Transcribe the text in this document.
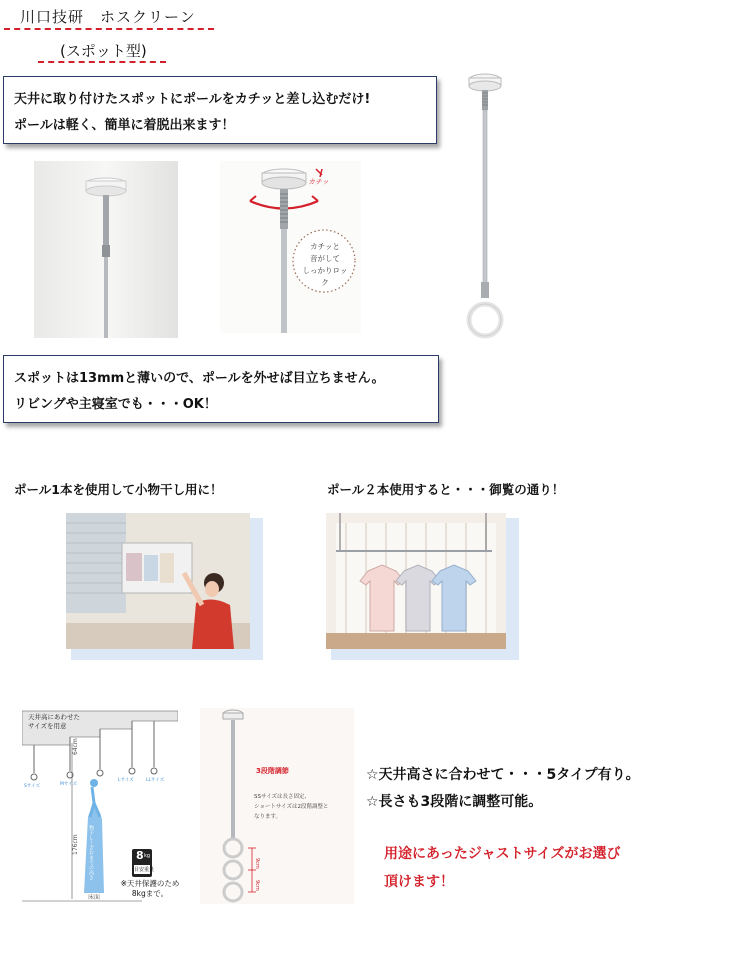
川口技研　ホスクリーン
(スポット型)
天井に取り付けたスポットにポールをカチッと差し込むだけ!
ポールは軽く、簡単に着脱出来ます！
カチッ
カチッと
音がして
しっかりロック
スポットは13mmと薄いので、ポールを外せば目立ちません。
リビングや主寝室でも・・・OK！
ポール1本を使用して小物干し用に！	ポール２本使用すると・・・御覧の通り！
天井高にあわせた
サイズを用意
64cm
176cm 物干し～ざおまでの高さ
床面
Sサイズ	Mサイズ
Lサイズ	LLサイズ
8 kg
目安重量
※天井保護のため
8kgまで。
3段階調節
SSサイズは長さ固定、
ショートサイズは2段階調整と
なります。
9cm
9cm
☆天井高さに合わせて・・・5タイプ有り。
☆長さも3段階に調整可能。
用途にあったジャストサイズがお選び
頂けます！
